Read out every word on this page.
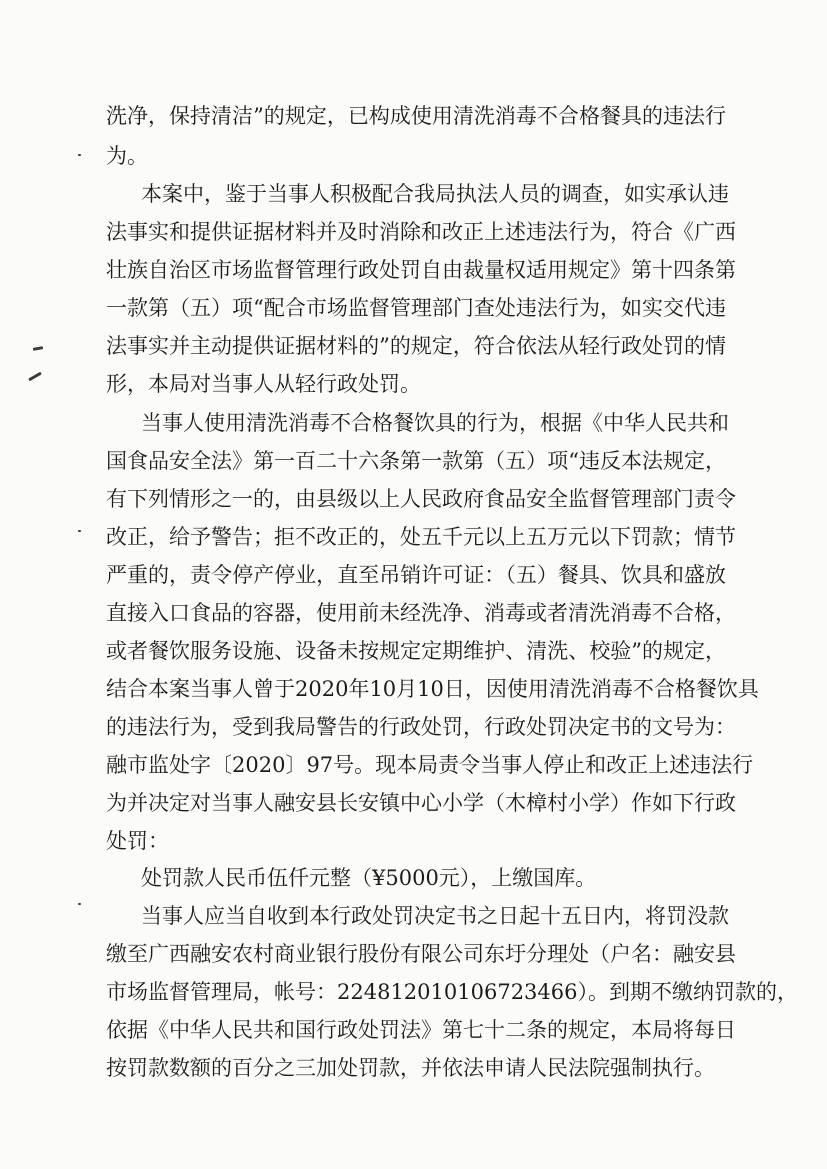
洗净，保持清洁”的规定，已构成使用清洗消毒不合格餐具的违法行
为。
本案中，鉴于当事人积极配合我局执法人员的调查，如实承认违
法事实和提供证据材料并及时消除和改正上述违法行为，符合《广西
壮族自治区市场监督管理行政处罚自由裁量权适用规定》第十四条第
一款第（五）项“配合市场监督管理部门查处违法行为，如实交代违
法事实并主动提供证据材料的”的规定，符合依法从轻行政处罚的情
形，本局对当事人从轻行政处罚。
当事人使用清洗消毒不合格餐饮具的行为，根据《中华人民共和
国食品安全法》第一百二十六条第一款第（五）项“违反本法规定，
有下列情形之一的，由县级以上人民政府食品安全监督管理部门责令
改正，给予警告；拒不改正的，处五千元以上五万元以下罚款；情节
严重的，责令停产停业，直至吊销许可证：（五）餐具、饮具和盛放
直接入口食品的容器，使用前未经洗净、消毒或者清洗消毒不合格，
或者餐饮服务设施、设备未按规定定期维护、清洗、校验”的规定，
结合本案当事人曾于2020年10月10日，因使用清洗消毒不合格餐饮具
的违法行为，受到我局警告的行政处罚，行政处罚决定书的文号为：
融市监处字〔2020〕97号。现本局责令当事人停止和改正上述违法行
为并决定对当事人融安县长安镇中心小学（木樟村小学）作如下行政
处罚：
处罚款人民币伍仟元整（¥5000元），上缴国库。
当事人应当自收到本行政处罚决定书之日起十五日内，将罚没款
缴至广西融安农村商业银行股份有限公司东圩分理处（户名：融安县
市场监督管理局，帐号：224812010106723466）。到期不缴纳罚款的，
依据《中华人民共和国行政处罚法》第七十二条的规定，本局将每日
按罚款数额的百分之三加处罚款，并依法申请人民法院强制执行。
